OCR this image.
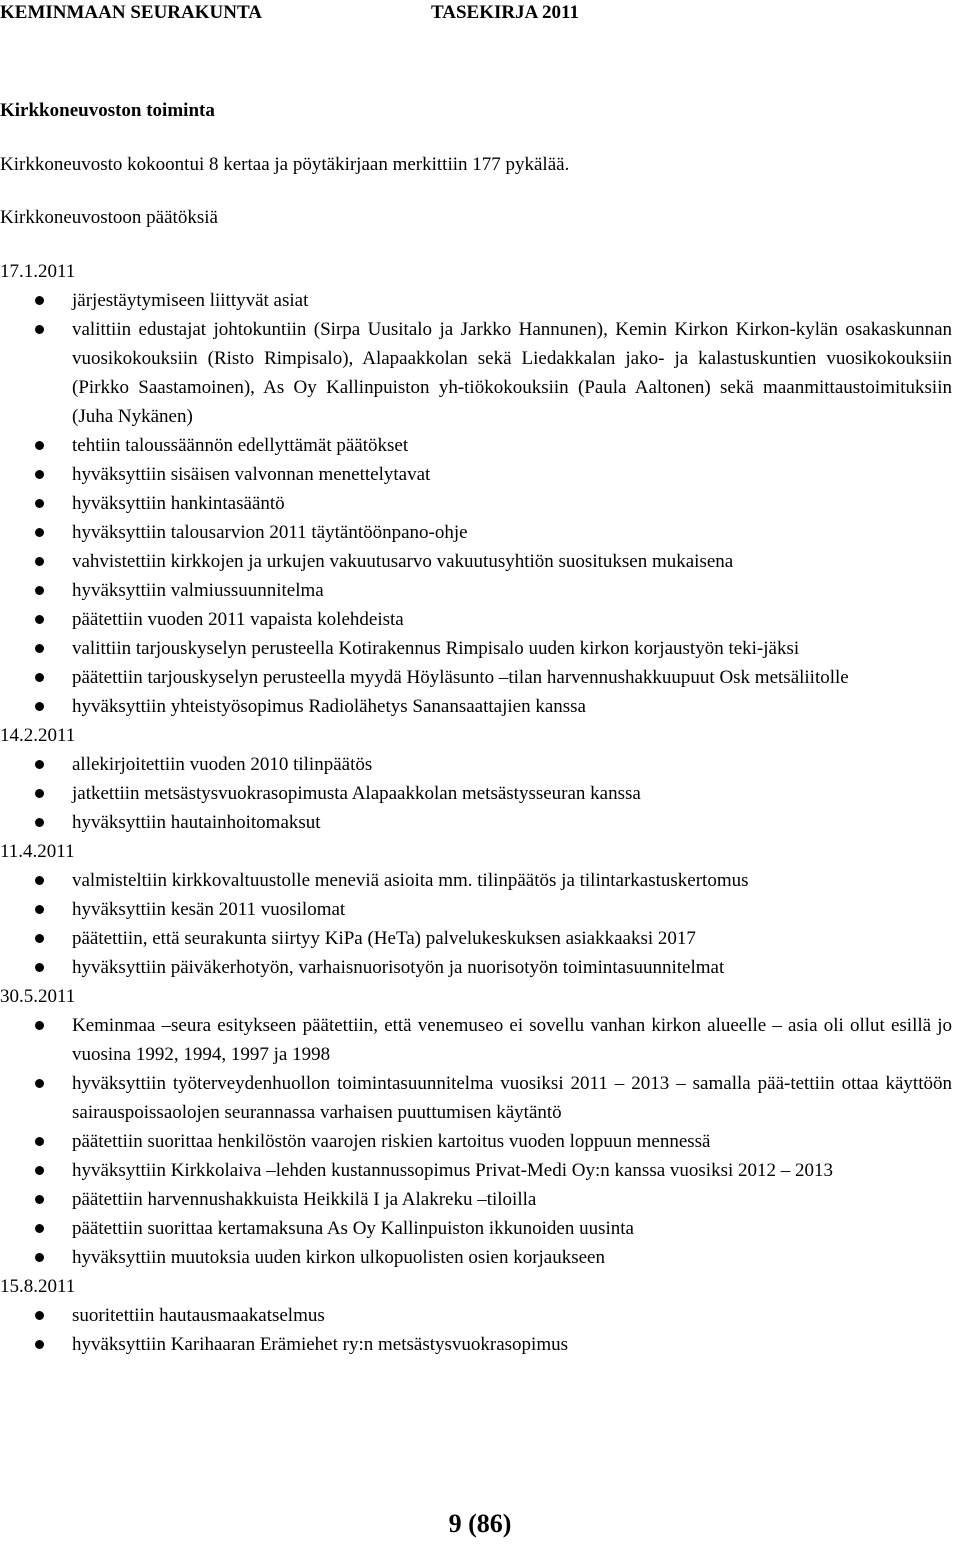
KEMINMAAN SEURAKUNTA	TASEKIRJA 2011
Kirkkoneuvoston toiminta
Kirkkoneuvosto kokoontui 8 kertaa ja pöytäkirjaan merkittiin 177 pykälää.
Kirkkoneuvostoon päätöksiä
17.1.2011
järjestäytymiseen liittyvät asiat
valittiin edustajat johtokuntiin (Sirpa Uusitalo ja Jarkko Hannunen), Kemin Kirkon Kirkon-kylän osakaskunnan vuosikokouksiin (Risto Rimpisalo), Alapaakkolan sekä Liedakkalan jako- ja kalastuskuntien vuosikokouksiin (Pirkko Saastamoinen), As Oy Kallinpuiston yh-tiökokouksiin (Paula Aaltonen) sekä maanmittaustoimituksiin (Juha Nykänen)
tehtiin taloussäännön edellyttämät päätökset
hyväksyttiin sisäisen valvonnan menettelytavat
hyväksyttiin hankintasääntö
hyväksyttiin talousarvion 2011 täytäntöönpano-ohje
vahvistettiin kirkkojen ja urkujen vakuutusarvo vakuutusyhtiön suosituksen mukaisena
hyväksyttiin valmiussuunnitelma
päätettiin vuoden 2011 vapaista kolehdeista
valittiin tarjouskyselyn perusteella Kotirakennus Rimpisalo uuden kirkon korjaustyön teki-jäksi
päätettiin tarjouskyselyn perusteella myydä Höyläsunto –tilan harvennushakkuupuut Osk metsäliitolle
hyväksyttiin yhteistyösopimus Radiolähetys Sanansaattajien kanssa
14.2.2011
allekirjoitettiin vuoden 2010 tilinpäätös
jatkettiin metsästysvuokrasopimusta Alapaakkolan metsästysseuran kanssa
hyväksyttiin hautainhoitomaksut
11.4.2011
valmisteltiin kirkkovaltuustolle meneviä asioita mm. tilinpäätös ja tilintarkastuskertomus
hyväksyttiin kesän 2011 vuosilomat
päätettiin, että seurakunta siirtyy KiPa (HeTa) palvelukeskuksen asiakkaaksi 2017
hyväksyttiin päiväkerhotyön, varhaisnuorisotyön ja nuorisotyön toimintasuunnitelmat
30.5.2011
Keminmaa –seura esitykseen päätettiin, että venemuseo ei sovellu vanhan kirkon alueelle – asia oli ollut esillä jo vuosina 1992, 1994, 1997 ja 1998
hyväksyttiin työterveydenhuollon toimintasuunnitelma vuosiksi 2011 – 2013 – samalla pää-tettiin ottaa käyttöön sairauspoissaolojen seurannassa varhaisen puuttumisen käytäntö
päätettiin suorittaa henkilöstön vaarojen riskien kartoitus vuoden loppuun mennessä
hyväksyttiin Kirkkolaiva –lehden kustannussopimus Privat-Medi Oy:n kanssa vuosiksi 2012 – 2013
päätettiin harvennushakkuista Heikkilä I ja Alakreku –tiloilla
päätettiin suorittaa kertamaksuna As Oy Kallinpuiston ikkunoiden uusinta
hyväksyttiin muutoksia uuden kirkon ulkopuolisten osien korjaukseen
15.8.2011
suoritettiin hautausmaakatselmus
hyväksyttiin Karihaaran Erämiehet ry:n metsästysvuokrasopimus
9 (86)
